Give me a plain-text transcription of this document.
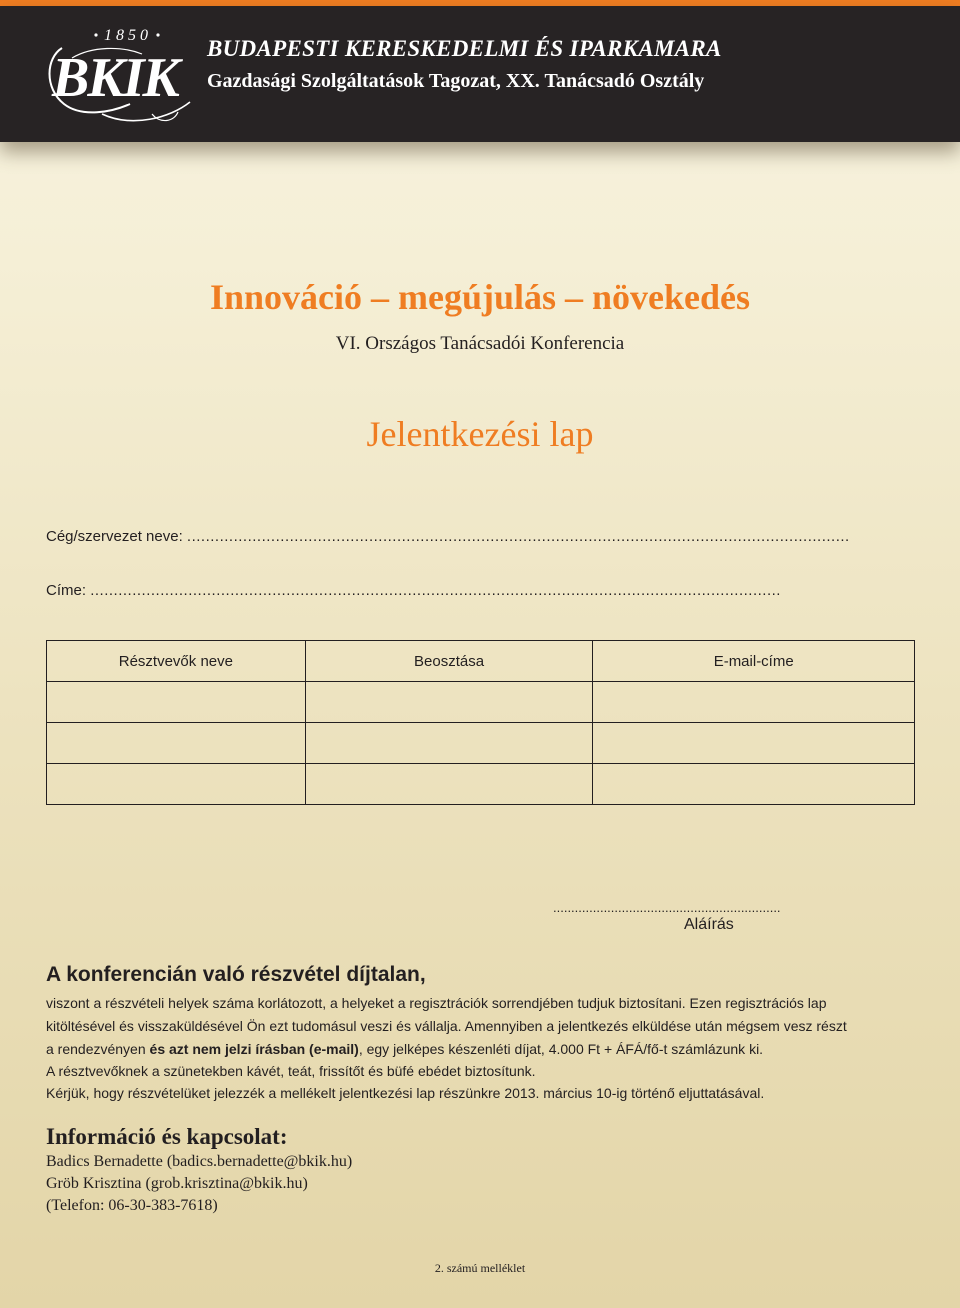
1850
BKIK BUDAPESTI KERESKEDELMI ÉS IPARKAMARA
Gazdasági Szolgáltatások Tagozat, XX. Tanácsadó Osztály
Innováció – megújulás – növekedés
VI. Országos Tanácsadói Konferencia
Jelentkezési lap
Cég/szervezet neve: ..............................................................................................................................................
Címe: ....................................................................................................................................................
Résztvevők neve	Beosztása	E-mail-címe

...............................................................
Aláírás
A konferencián való részvétel díjtalan,
viszont a részvételi helyek száma korlátozott, a helyeket a regisztrációk sorrendjében tudjuk biztosítani. Ezen regisztrációs lap
kitöltésével és visszaküldésével Ön ezt tudomásul veszi és vállalja. Amennyiben a jelentkezés elküldése után mégsem vesz részt
a rendezvényen és azt nem jelzi írásban (e-mail), egy jelképes készenléti díjat, 4.000 Ft + ÁFÁ/fő-t számlázunk ki.
A résztvevőknek a szünetekben kávét, teát, frissítőt és büfé ebédet biztosítunk.
Kérjük, hogy részvételüket jelezzék a mellékelt jelentkezési lap részünkre 2013. március 10-ig történő eljuttatásával.
Információ és kapcsolat:
Badics Bernadette (badics.bernadette@bkik.hu)
Gröb Krisztina (grob.krisztina@bkik.hu)
(Telefon: 06-30-383-7618)
2. számú melléklet
